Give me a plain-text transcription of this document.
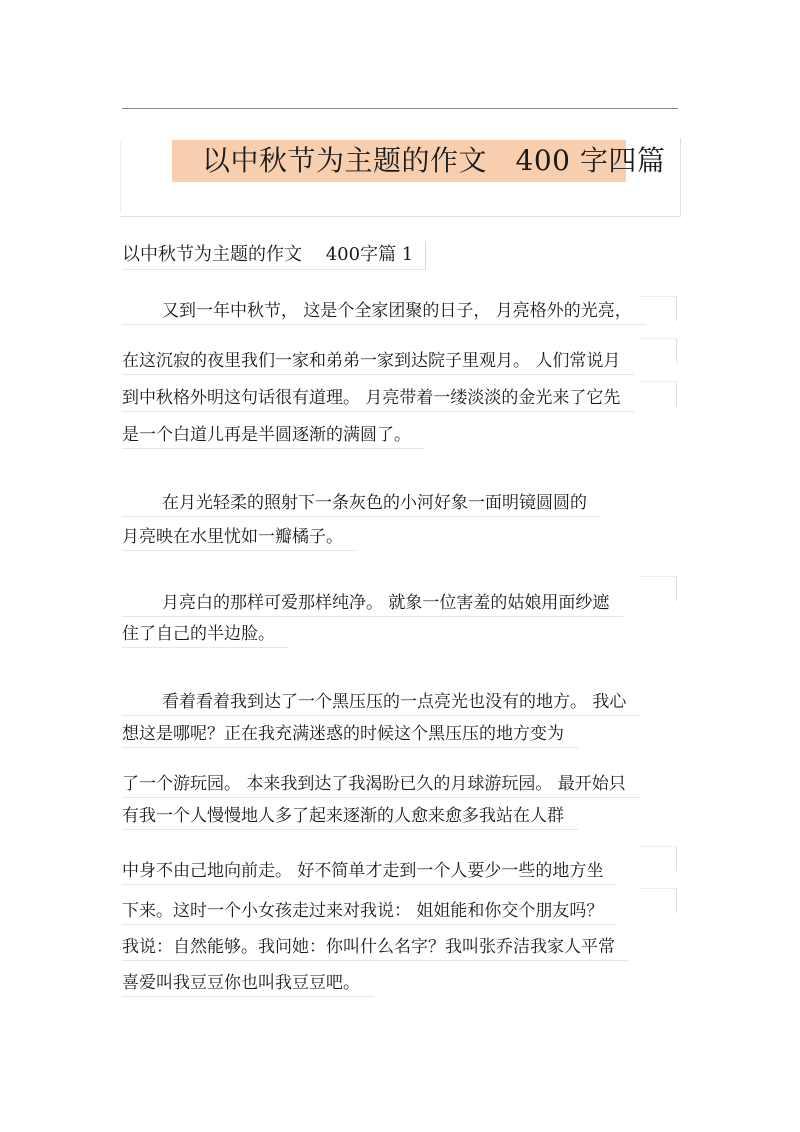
以中秋节为主题的作文　400 字四篇
以中秋节为主题的作文　 400字篇 1
又到一年中秋节， 这是个全家团聚的日子， 月亮格外的光亮，
在这沉寂的夜里我们一家和弟弟一家到达院子里观月。 人们常说月
到中秋格外明这句话很有道理。 月亮带着一缕淡淡的金光来了它先
是一个白道儿再是半圆逐渐的满圆了。
在月光轻柔的照射下一条灰色的小河好象一面明镜圆圆的
月亮映在水里忧如一瓣橘子。
月亮白的那样可爱那样纯净。 就象一位害羞的姑娘用面纱遮
住了自己的半边脸。
看着看着我到达了一个黑压压的一点亮光也没有的地方。 我心
想这是哪呢？正在我充满迷惑的时候这个黑压压的地方变为
了一个游玩园。 本来我到达了我渴盼已久的月球游玩园。 最开始只
有我一个人慢慢地人多了起来逐渐的人愈来愈多我站在人群
中身不由己地向前走。 好不简单才走到一个人要少一些的地方坐
下来。这时一个小女孩走过来对我说： 姐姐能和你交个朋友吗？
我说：自然能够。我问她：你叫什么名字？我叫张乔洁我家人平常
喜爱叫我豆豆你也叫我豆豆吧。
